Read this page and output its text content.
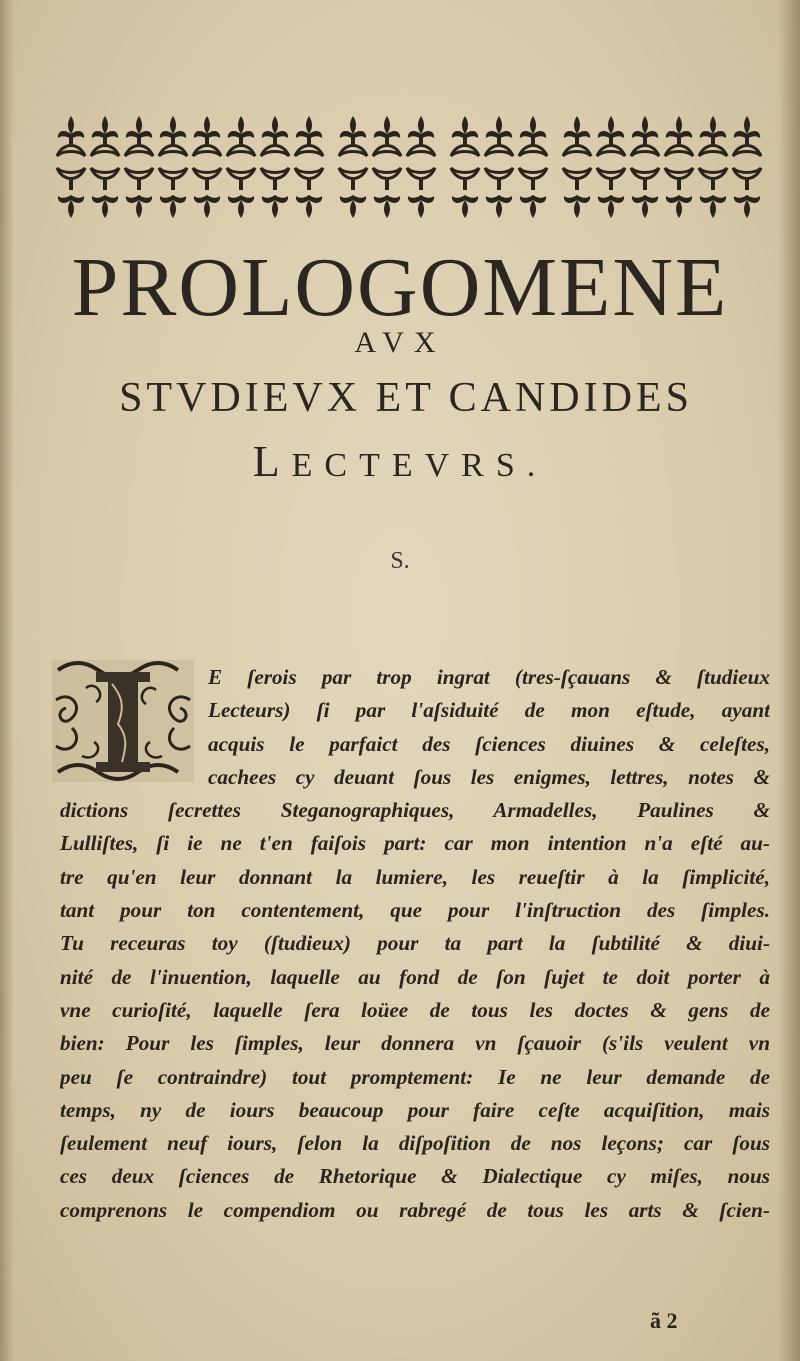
PROLOGOMENE
AVX
STVDIEVX ET CANDIDES
LECTEVRS.
S.
E ſerois par trop ingrat (tres-ſçauans & ſtudieux
Lecteurs) ſi par l'aſsiduité de mon eſtude, ayant
acquis le parfaict des ſciences diuines & celeſtes,
cachees cy deuant ſous les enigmes, lettres, notes &
dictions ſecrettes Steganographiques, Armadelles, Paulines &
Lulliſtes, ſi ie ne t'en faiſois part: car mon intention n'a eſté au-
tre qu'en leur donnant la lumiere, les reueſtir à la ſimplicité,
tant pour ton contentement, que pour l'inſtruction des ſimples.
Tu receuras toy (ſtudieux) pour ta part la ſubtilité & diui-
nité de l'inuention, laquelle au fond de ſon ſujet te doit porter à
vne curioſité, laquelle ſera loüee de tous les doctes & gens de
bien: Pour les ſimples, leur donnera vn ſçauoir (s'ils veulent vn
peu ſe contraindre) tout promptement: Ie ne leur demande de
temps, ny de iours beaucoup pour faire ceſte acquiſition, mais
ſeulement neuf iours, ſelon la diſpoſition de nos leçons; car ſous
ces deux ſciences de Rhetorique & Dialectique cy miſes, nous
comprenons le compendiom ou rabregé de tous les arts & ſcien-
ã 2
